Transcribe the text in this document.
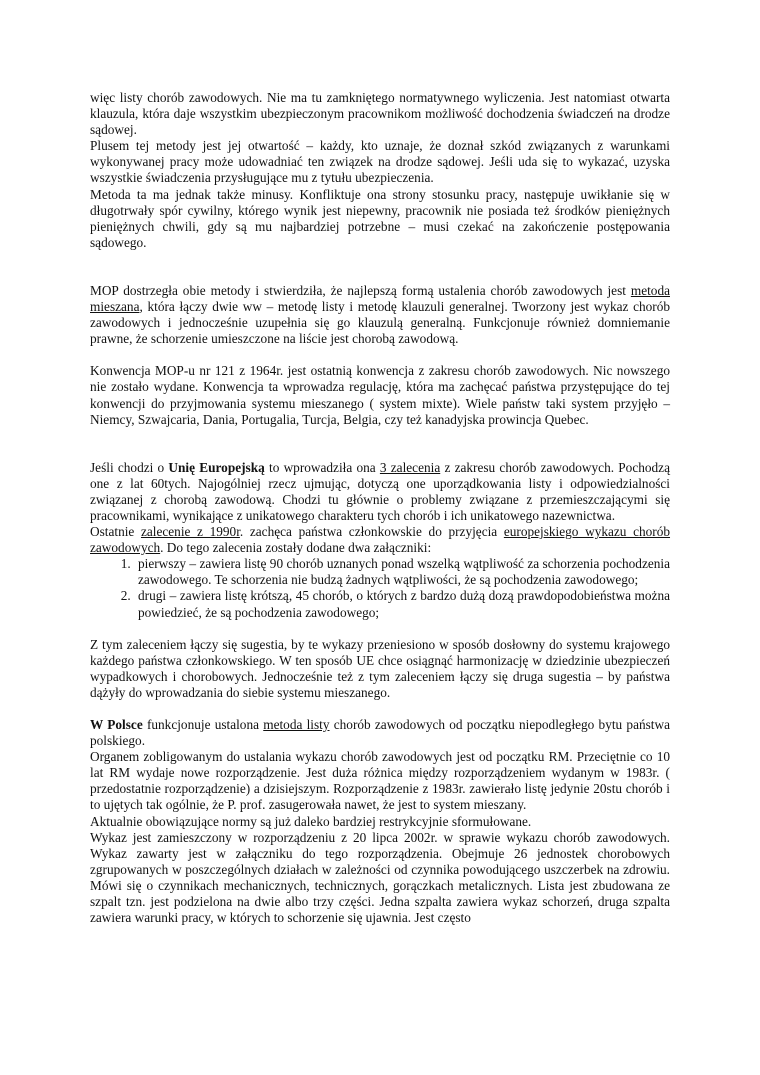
więc listy chorób zawodowych. Nie ma tu zamkniętego normatywnego wyliczenia. Jest natomiast otwarta klauzula, która daje wszystkim ubezpieczonym pracownikom możliwość dochodzenia świadczeń na drodze sądowej.

Plusem tej metody jest jej otwartość – każdy, kto uznaje, że doznał szkód związanych z warunkami wykonywanej pracy może udowadniać ten związek na drodze sądowej. Jeśli uda się to wykazać, uzyska wszystkie świadczenia przysługujące mu z tytułu ubezpieczenia.

Metoda ta ma jednak także minusy. Konfliktuje ona strony stosunku pracy, następuje uwikłanie się w długotrwały spór cywilny, którego wynik jest niepewny, pracownik nie posiada też środków pieniężnych pieniężnych chwili, gdy są mu najbardziej potrzebne – musi czekać na zakończenie postępowania sądowego.

MOP dostrzegła obie metody i stwierdziła, że najlepszą formą ustalenia chorób zawodowych jest metoda mieszana, która łączy dwie ww – metodę listy i metodę klauzuli generalnej. Tworzony jest wykaz chorób zawodowych i jednocześnie uzupełnia się go klauzulą generalną. Funkcjonuje również domniemanie prawne, że schorzenie umieszczone na liście jest chorobą zawodową.

Konwencja MOP-u nr 121 z 1964r. jest ostatnią konwencja z zakresu chorób zawodowych. Nic nowszego nie zostało wydane. Konwencja ta wprowadza regulację, która ma zachęcać państwa przystępujące do tej konwencji do przyjmowania systemu mieszanego ( system mixte). Wiele państw taki system przyjęło – Niemcy, Szwajcaria, Dania, Portugalia, Turcja, Belgia, czy też kanadyjska prowincja Quebec.

Jeśli chodzi o Unię Europejską to wprowadziła ona 3 zalecenia z zakresu chorób zawodowych. Pochodzą one z lat 60tych. Najogólniej rzecz ujmując, dotyczą one uporządkowania listy i odpowiedzialności związanej z chorobą zawodową. Chodzi tu głównie o problemy związane z przemieszczającymi się pracownikami, wynikające z unikatowego charakteru tych chorób i ich unikatowego nazewnictwa.

Ostatnie zalecenie z 1990r. zachęca państwa członkowskie do przyjęcia europejskiego wykazu chorób zawodowych. Do tego zalecenia zostały dodane dwa załączniki:

1. pierwszy – zawiera listę 90 chorób uznanych ponad wszelką wątpliwość za schorzenia pochodzenia zawodowego. Te schorzenia nie budzą żadnych wątpliwości, że są pochodzenia zawodowego;
2. drugi – zawiera listę krótszą, 45 chorób, o których z bardzo dużą dozą prawdopodobieństwa można powiedzieć, że są pochodzenia zawodowego;

Z tym zaleceniem łączy się sugestia, by te wykazy przeniesiono w sposób dosłowny do systemu krajowego każdego państwa członkowskiego. W ten sposób UE chce osiągnąć harmonizację w dziedzinie ubezpieczeń wypadkowych i chorobowych. Jednocześnie też z tym zaleceniem łączy się druga sugestia – by państwa dążyły do wprowadzania do siebie systemu mieszanego.

W Polsce funkcjonuje ustalona metoda listy chorób zawodowych od początku niepodległego bytu państwa polskiego.

Organem zobligowanym do ustalania wykazu chorób zawodowych jest od początku RM. Przeciętnie co 10 lat RM wydaje nowe rozporządzenie. Jest duża różnica między rozporządzeniem wydanym w 1983r. ( przedostatnie rozporządzenie) a dzisiejszym. Rozporządzenie z 1983r. zawierało listę jedynie 20stu chorób i to ujętych tak ogólnie, że P. prof. zasugerowała nawet, że jest to system mieszany.

Aktualnie obowiązujące normy są już daleko bardziej restrykcyjnie sformułowane.

Wykaz jest zamieszczony w rozporządzeniu z 20 lipca 2002r. w sprawie wykazu chorób zawodowych. Wykaz zawarty jest w załączniku do tego rozporządzenia. Obejmuje 26 jednostek chorobowych zgrupowanych w poszczególnych działach w zależności od czynnika powodującego uszczerbek na zdrowiu. Mówi się o czynnikach mechanicznych, technicznych, gorączkach metalicznych. Lista jest zbudowana ze szpalt tzn. jest podzielona na dwie albo trzy części. Jedna szpalta zawiera wykaz schorzeń, druga szpalta zawiera warunki pracy, w których to schorzenie się ujawnia. Jest często
